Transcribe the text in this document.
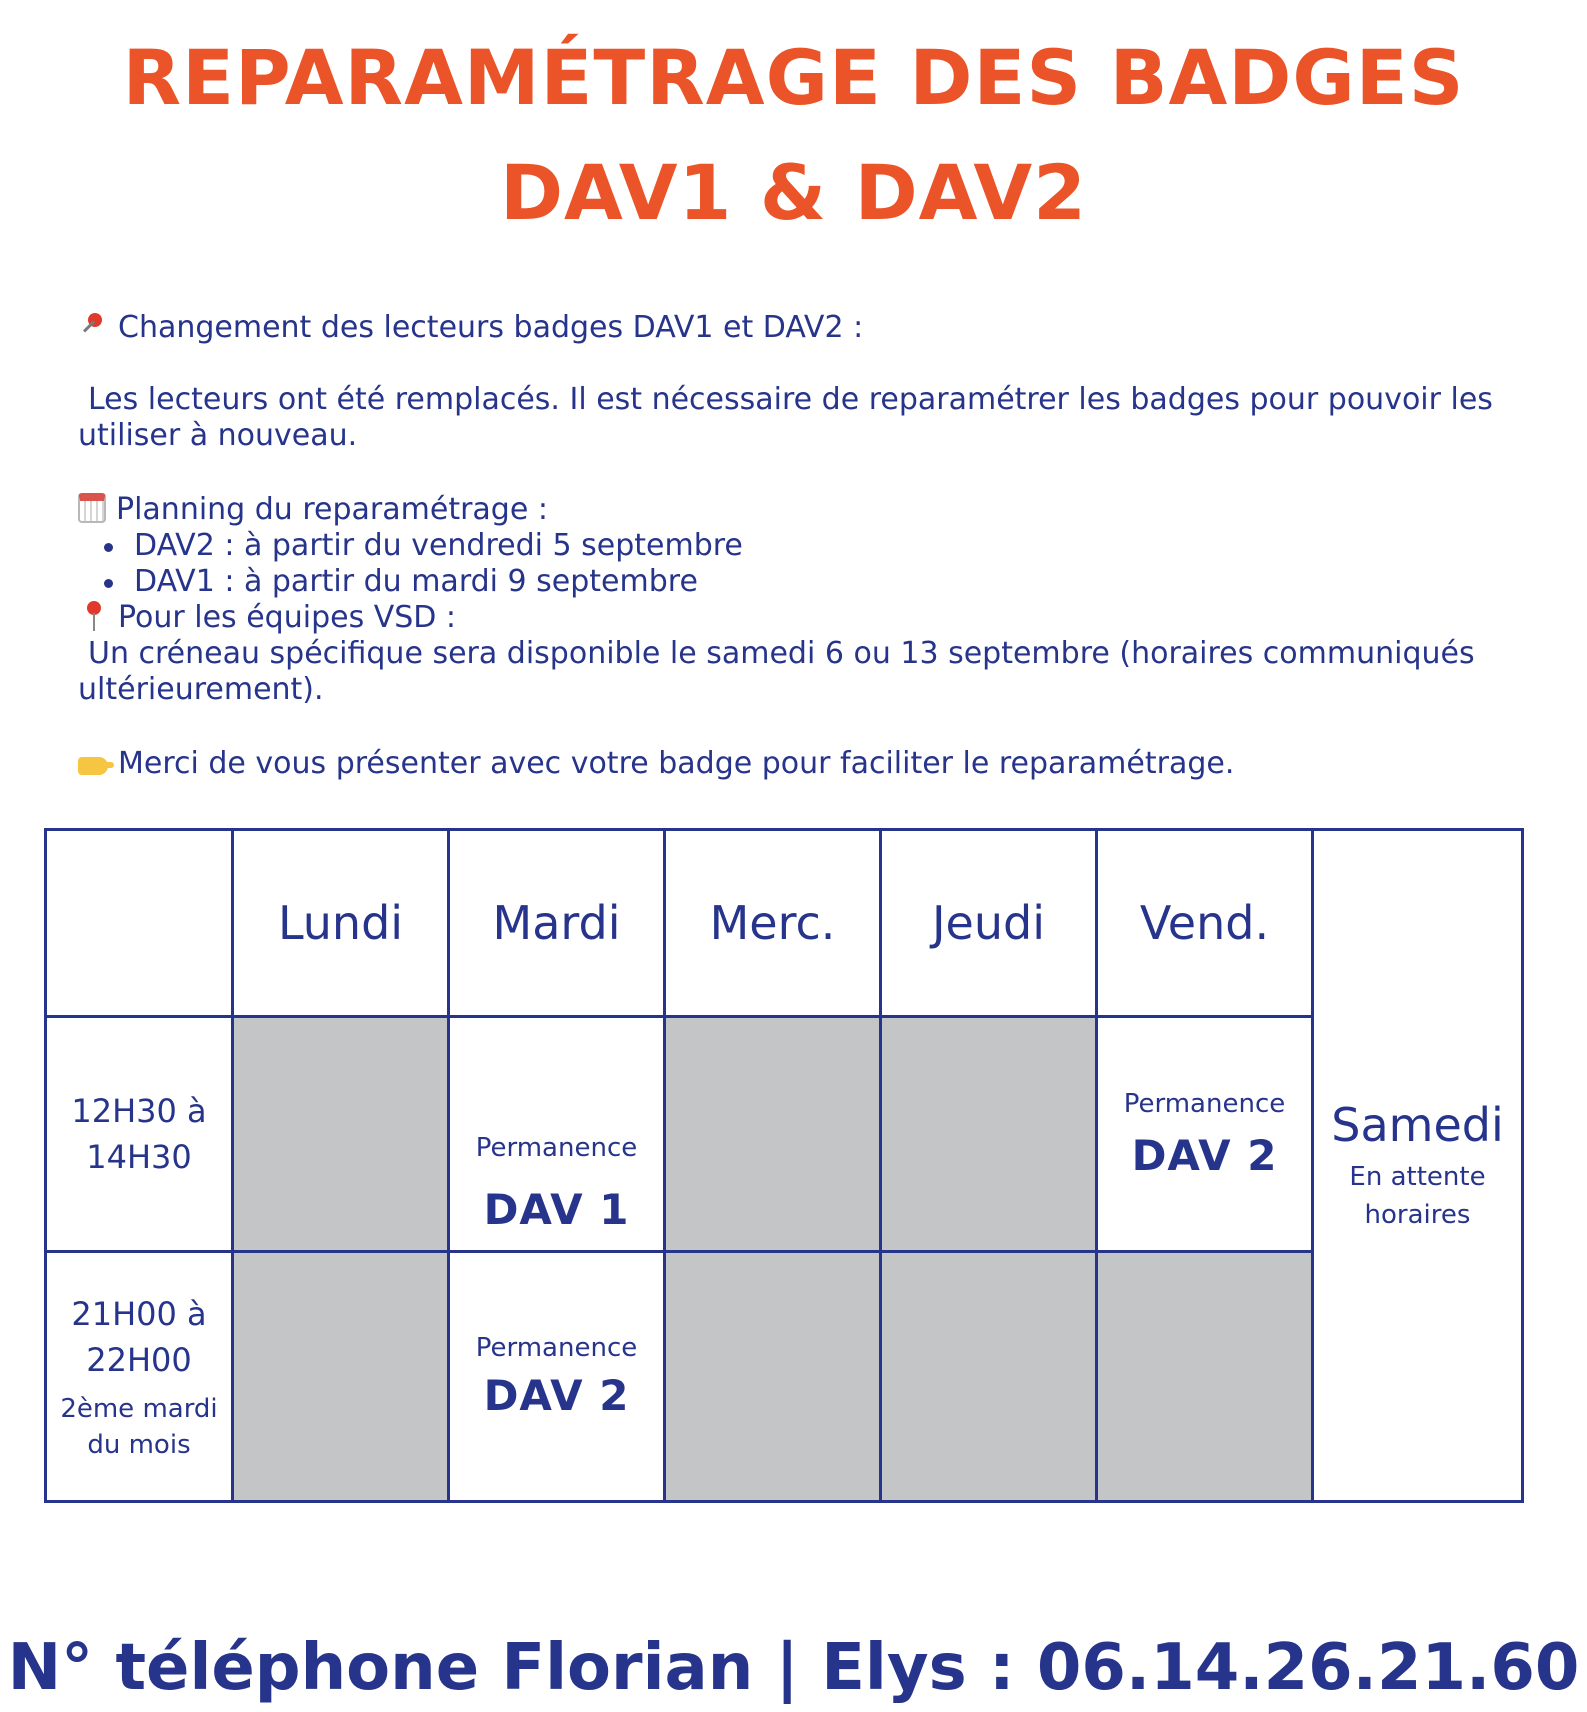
REPARAMÉTRAGE DES BADGES
DAV1 & DAV2

Changement des lecteurs badges DAV1 et DAV2 :

Les lecteurs ont été remplacés. Il est nécessaire de reparamétrer les badges pour pouvoir les utiliser à nouveau.

Planning du reparamétrage :

DAV2 : à partir du vendredi 5 septembre

DAV1 : à partir du mardi 9 septembre

Pour les équipes VSD :

Un créneau spécifique sera disponible le samedi 6 ou 13 septembre (horaires communiqués ultérieurement).

Merci de vous présenter avec votre badge pour faciliter le reparamétrage.

Lundi Mardi Merc. Jeudi Vend.
Samedi
En attente
horaires
12H30 à
14H30	Permanence
DAV 1
Permanence
DAV 2
21H00 à
22H00
2ème mardi
du mois
Permanence
DAV 2
N° téléphone Florian | Elys : 06.14.26.21.60
